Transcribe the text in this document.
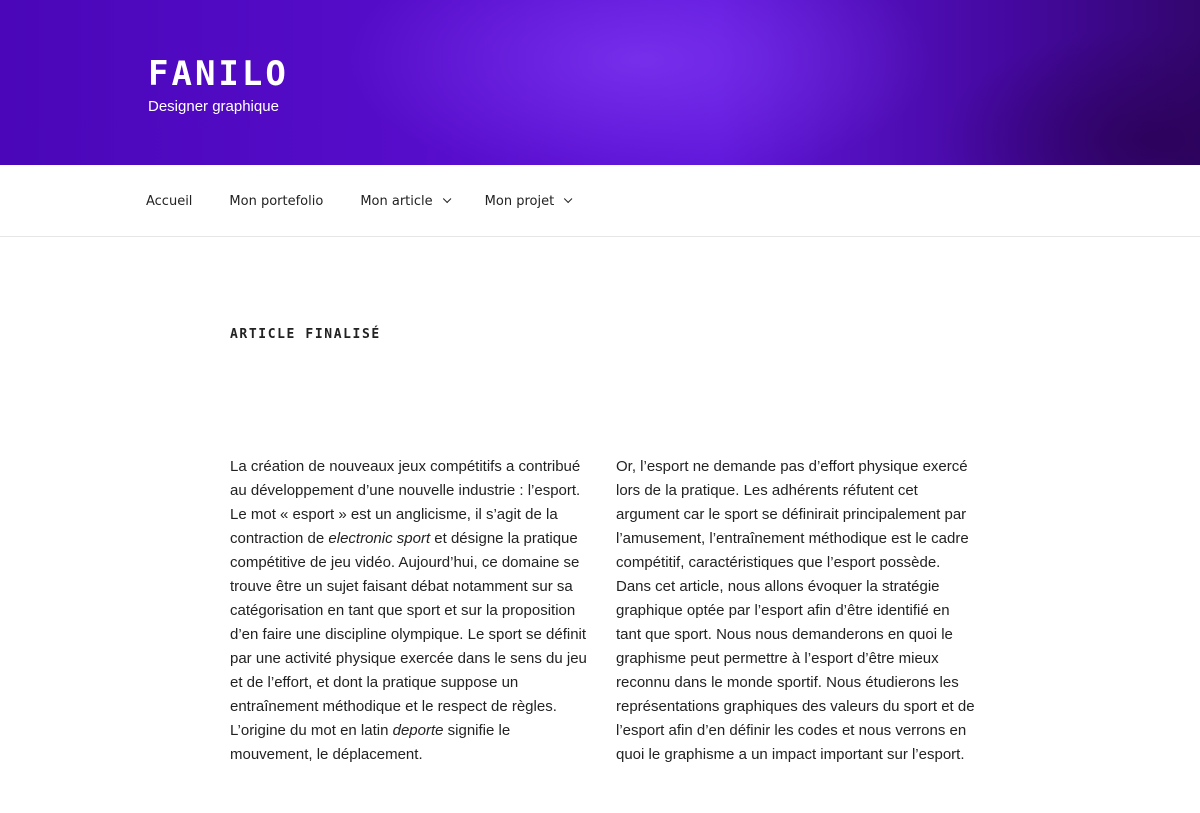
FANILO
Designer graphique
Accueil	Mon portefolio	Mon article	Mon projet
ARTICLE FINALISÉ

La création de nouveaux jeux compétitifs a contribué au développement d’une nouvelle industrie : l’esport. Le mot « esport » est un anglicisme, il s’agit de la contraction de electronic sport et désigne la pratique compétitive de jeu vidéo. Aujourd’hui, ce domaine se trouve être un sujet faisant débat notamment sur sa catégorisation en tant que sport et sur la proposition d’en faire une discipline olympique. Le sport se définit par une activité physique exercée dans le sens du jeu et de l’effort, et dont la pratique suppose un entraînement méthodique et le respect de règles. L’origine du mot en latin deporte signifie le mouvement, le déplacement.

Or, l’esport ne demande pas d’effort physique exercé lors de la pratique. Les adhérents réfutent cet argument car le sport se définirait principalement par l’amusement, l’entraînement méthodique est le cadre compétitif, caractéristiques que l’esport possède. Dans cet article, nous allons évoquer la stratégie graphique optée par l’esport afin d’être identifié en tant que sport. Nous nous demanderons en quoi le graphisme peut permettre à l’esport d’être mieux reconnu dans le monde sportif. Nous étudierons les représentations graphiques des valeurs du sport et de l’esport afin d’en définir les codes et nous verrons en quoi le graphisme a un impact important sur l’esport.
